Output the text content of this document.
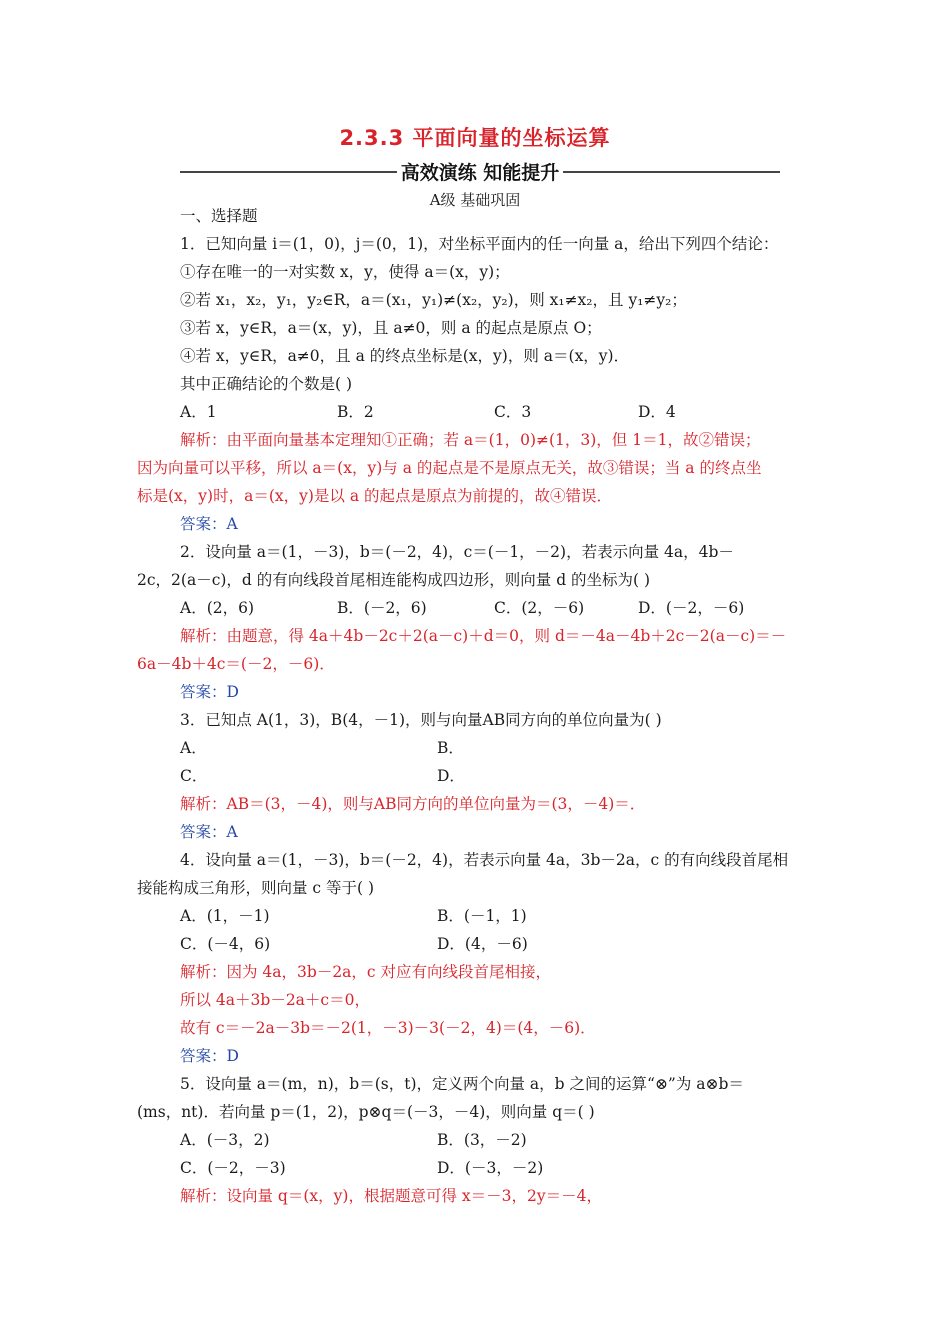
2.3.3 平面向量的坐标运算
高效演练 知能提升
A级 基础巩固
一、选择题
1．已知向量 i＝(1，0)，j＝(0，1)，对坐标平面内的任一向量 a，给出下列四个结论：
①存在唯一的一对实数 x，y，使得 a＝(x，y)；
②若 x₁，x₂，y₁，y₂∈R，a＝(x₁，y₁)≠(x₂，y₂)，则 x₁≠x₂，且 y₁≠y₂；
③若 x，y∈R，a＝(x，y)，且 a≠0，则 a 的起点是原点 O；
④若 x，y∈R，a≠0，且 a 的终点坐标是(x，y)，则 a＝(x，y)．
其中正确结论的个数是( )
A．1	B．2	C．3	D．4
解析：由平面向量基本定理知①正确；若 a＝(1，0)≠(1，3)，但 1＝1，故②错误；
因为向量可以平移，所以 a＝(x，y)与 a 的起点是不是原点无关，故③错误；当 a 的终点坐
标是(x，y)时，a＝(x，y)是以 a 的起点是原点为前提的，故④错误．
答案：A
2．设向量 a＝(1，－3)，b＝(－2，4)，c＝(－1，－2)，若表示向量 4a，4b－
2c，2(a－c)，d 的有向线段首尾相连能构成四边形，则向量 d 的坐标为( )
A．(2，6)	B．(－2，6)	C．(2，－6)	D．(－2，－6)
解析：由题意，得 4a＋4b－2c＋2(a－c)＋d＝0，则 d＝－4a－4b＋2c－2(a－c)＝－
6a－4b＋4c＝(－2，－6)．
答案：D
3．已知点 A(1，3)，B(4，－1)，则与向量AB同方向的单位向量为( )
A．	B．
C．	D．
解析：AB＝(3，－4)，则与AB同方向的单位向量为＝(3，－4)＝．
答案：A
4．设向量 a＝(1，－3)，b＝(－2，4)，若表示向量 4a，3b－2a，c 的有向线段首尾相
接能构成三角形，则向量 c 等于( )
A．(1，－1)	B．(－1，1)
C．(－4，6)	D．(4，－6)
解析：因为 4a，3b－2a，c 对应有向线段首尾相接，
所以 4a＋3b－2a＋c＝0，
故有 c＝－2a－3b＝－2(1，－3)－3(－2，4)＝(4，－6)．
答案：D
5．设向量 a＝(m，n)，b＝(s，t)，定义两个向量 a，b 之间的运算“⊗”为 a⊗b＝
(ms，nt)．若向量 p＝(1，2)，p⊗q＝(－3，－4)，则向量 q＝( )
A．(－3，2)	B．(3，－2)
C．(－2，－3)	D．(－3，－2)
解析：设向量 q＝(x，y)，根据题意可得 x＝－3，2y＝－4，
